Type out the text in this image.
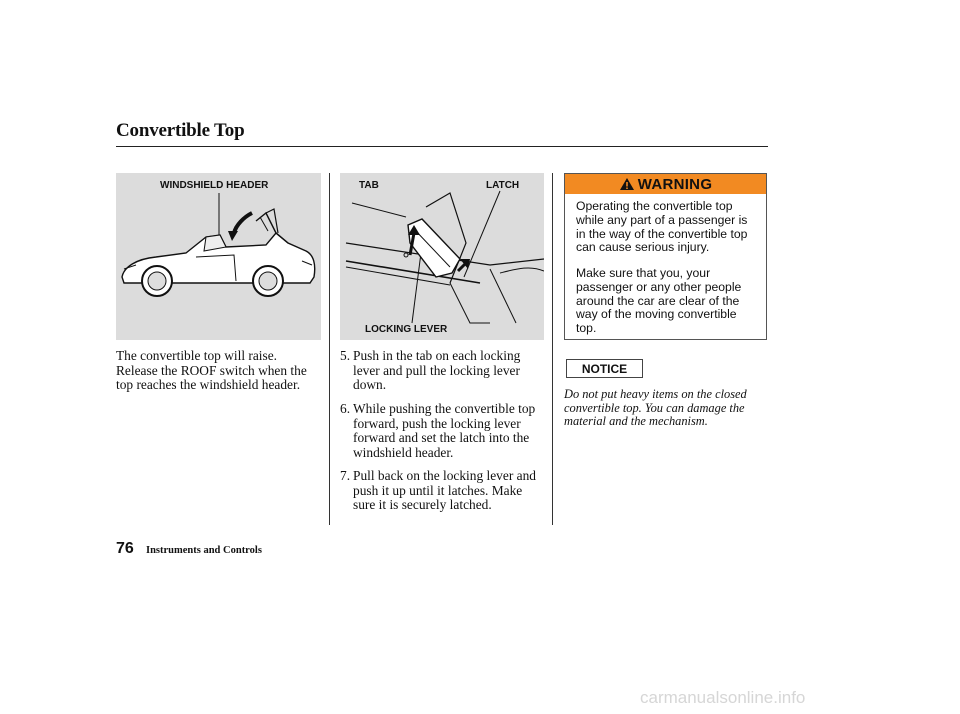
Convertible Top
WINDSHIELD HEADER	TAB	LATCH
LOCKING LEVER
The convertible top will raise.
Release the ROOF switch when the
top reaches the windshield header.
5. Push in the tab on each locking
lever and pull the locking lever
down.
6. While pushing the convertible top
forward, push the locking lever
forward and set the latch into the
windshield header.
7. Pull back on the locking lever and
push it up until it latches. Make
sure it is securely latched.
WARNING
Operating the convertible top
while any part of a passenger is
in the way of the convertible top
can cause serious injury.
Make sure that you, your
passenger or any other people
around the car are clear of the
way of the moving convertible
top.
NOTICE
Do not put heavy items on the closed
convertible top. You can damage the
material and the mechanism.
76 Instruments and Controls
carmanualsonline.info
